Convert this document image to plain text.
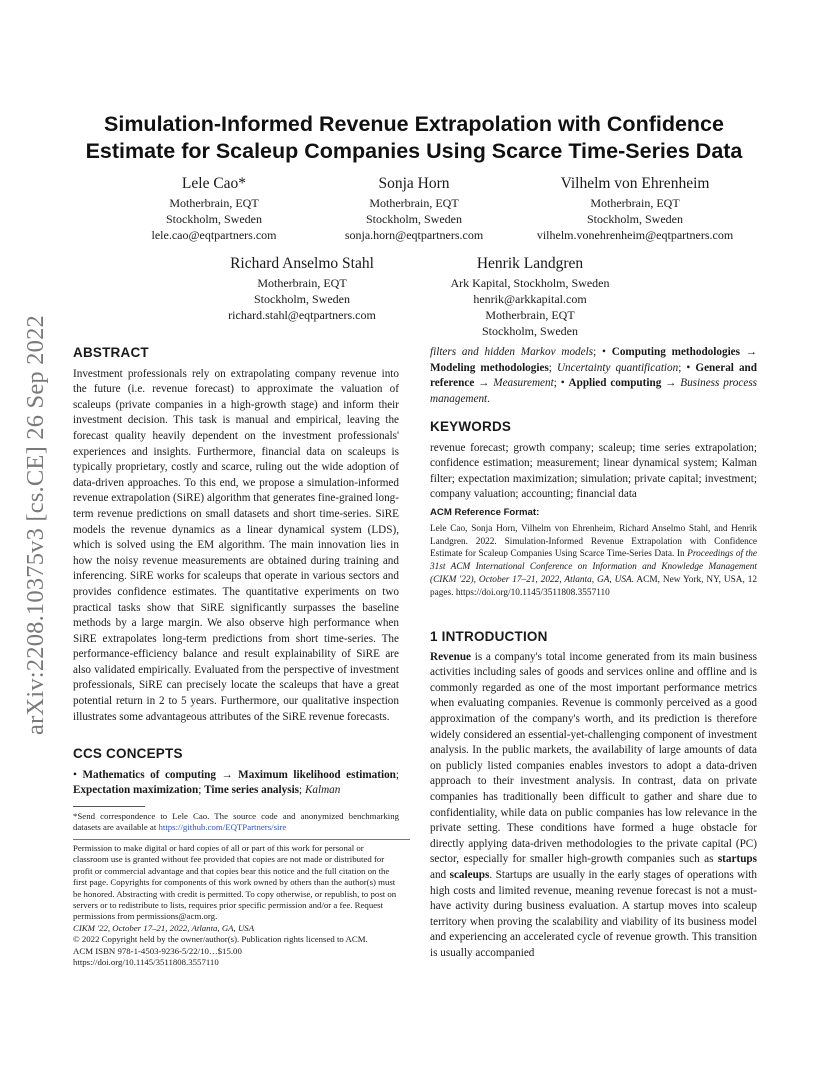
arXiv:2208.10375v3 [cs.CE] 26 Sep 2022
Simulation-Informed Revenue Extrapolation with Confidence Estimate for Scaleup Companies Using Scarce Time-Series Data
Lele Cao*
Motherbrain, EQT
Stockholm, Sweden
lele.cao@eqtpartners.com
Sonja Horn
Motherbrain, EQT
Stockholm, Sweden
sonja.horn@eqtpartners.com
Vilhelm von Ehrenheim
Motherbrain, EQT
Stockholm, Sweden
vilhelm.vonehrenheim@eqtpartners.com
Richard Anselmo Stahl
Motherbrain, EQT
Stockholm, Sweden
richard.stahl@eqtpartners.com
Henrik Landgren
Ark Kapital, Stockholm, Sweden
henrik@arkkapital.com
Motherbrain, EQT
Stockholm, Sweden
ABSTRACT

Investment professionals rely on extrapolating company revenue into the future (i.e. revenue forecast) to approximate the valuation of scaleups (private companies in a high-growth stage) and inform their investment decision. This task is manual and empirical, leaving the forecast quality heavily dependent on the investment professionals' experiences and insights. Furthermore, financial data on scaleups is typically proprietary, costly and scarce, ruling out the wide adoption of data-driven approaches. To this end, we propose a simulation-informed revenue extrapolation (SiRE) algorithm that generates fine-grained long-term revenue predictions on small datasets and short time-series. SiRE models the revenue dynamics as a linear dynamical system (LDS), which is solved using the EM algorithm. The main innovation lies in how the noisy revenue measurements are obtained during training and inferencing. SiRE works for scaleups that operate in various sectors and provides confidence estimates. The quantitative experiments on two practical tasks show that SiRE significantly surpasses the baseline methods by a large margin. We also observe high performance when SiRE extrapolates long-term predictions from short time-series. The performance-efficiency balance and result explainability of SiRE are also validated empirically. Evaluated from the perspective of investment professionals, SiRE can precisely locate the scaleups that have a great potential return in 2 to 5 years. Furthermore, our qualitative inspection illustrates some advantageous attributes of the SiRE revenue forecasts.

CCS CONCEPTS

• Mathematics of computing → Maximum likelihood estimation; Expectation maximization; Time series analysis; Kalman

*Send correspondence to Lele Cao. The source code and anonymized benchmarking datasets are available at https://github.com/EQTPartners/sire

Permission to make digital or hard copies of all or part of this work for personal or classroom use is granted without fee provided that copies are not made or distributed for profit or commercial advantage and that copies bear this notice and the full citation on the first page. Copyrights for components of this work owned by others than the author(s) must be honored. Abstracting with credit is permitted. To copy otherwise, or republish, to post on servers or to redistribute to lists, requires prior specific permission and/or a fee. Request permissions from permissions@acm.org.

CIKM '22, October 17–21, 2022, Atlanta, GA, USA

© 2022 Copyright held by the owner/author(s). Publication rights licensed to ACM.

ACM ISBN 978-1-4503-9236-5/22/10…$15.00

https://doi.org/10.1145/3511808.3557110

filters and hidden Markov models; • Computing methodologies → Modeling methodologies; Uncertainty quantification; • General and reference → Measurement; • Applied computing → Business process management.

KEYWORDS

revenue forecast; growth company; scaleup; time series extrapolation; confidence estimation; measurement; linear dynamical system; Kalman filter; expectation maximization; simulation; private capital; investment; company valuation; accounting; financial data

ACM Reference Format:

Lele Cao, Sonja Horn, Vilhelm von Ehrenheim, Richard Anselmo Stahl, and Henrik Landgren. 2022. Simulation-Informed Revenue Extrapolation with Confidence Estimate for Scaleup Companies Using Scarce Time-Series Data. In Proceedings of the 31st ACM International Conference on Information and Knowledge Management (CIKM '22), October 17–21, 2022, Atlanta, GA, USA. ACM, New York, NY, USA, 12 pages. https://doi.org/10.1145/3511808.3557110

1 INTRODUCTION

Revenue is a company's total income generated from its main business activities including sales of goods and services online and offline and is commonly regarded as one of the most important performance metrics when evaluating companies. Revenue is commonly perceived as a good approximation of the company's worth, and its prediction is therefore widely considered an essential-yet-challenging component of investment analysis. In the public markets, the availability of large amounts of data on publicly listed companies enables investors to adopt a data-driven approach to their investment analysis. In contrast, data on private companies has traditionally been difficult to gather and share due to confidentiality, while data on public companies has low relevance in the private setting. These conditions have formed a huge obstacle for directly applying data-driven methodologies to the private capital (PC) sector, especially for smaller high-growth companies such as startups and scaleups. Startups are usually in the early stages of operations with high costs and limited revenue, meaning revenue forecast is not a must-have activity during business evaluation. A startup moves into scaleup territory when proving the scalability and viability of its business model and experiencing an accelerated cycle of revenue growth. This transition is usually accompanied
